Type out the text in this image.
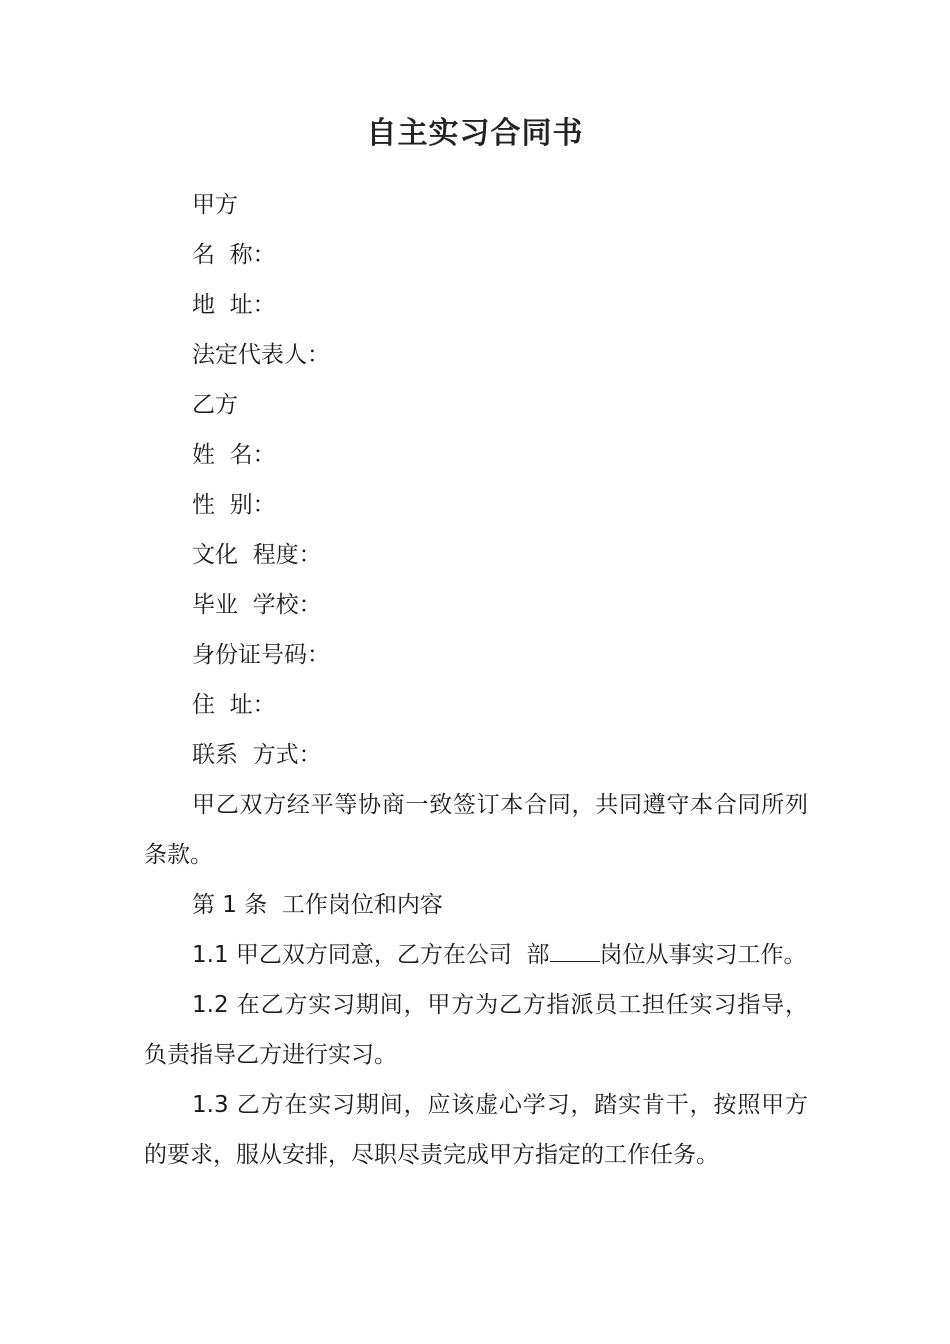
自主实习合同书
甲方
名  称：
地  址：
法定代表人：
乙方
姓  名：
性  别：
文化  程度：
毕业  学校：
身份证号码：
住  址：
联系  方式：
甲乙双方经平等协商一致签订本合同，共同遵守本合同所列条款。
第 1 条  工作岗位和内容
1.1 甲乙双方同意，乙方在公司  部 岗位从事实习工作。
1.2 在乙方实习期间，甲方为乙方指派员工担任实习指导，负责指导乙方进行实习。
1.3 乙方在实习期间，应该虚心学习，踏实肯干，按照甲方的要求，服从安排，尽职尽责完成甲方指定的工作任务。
